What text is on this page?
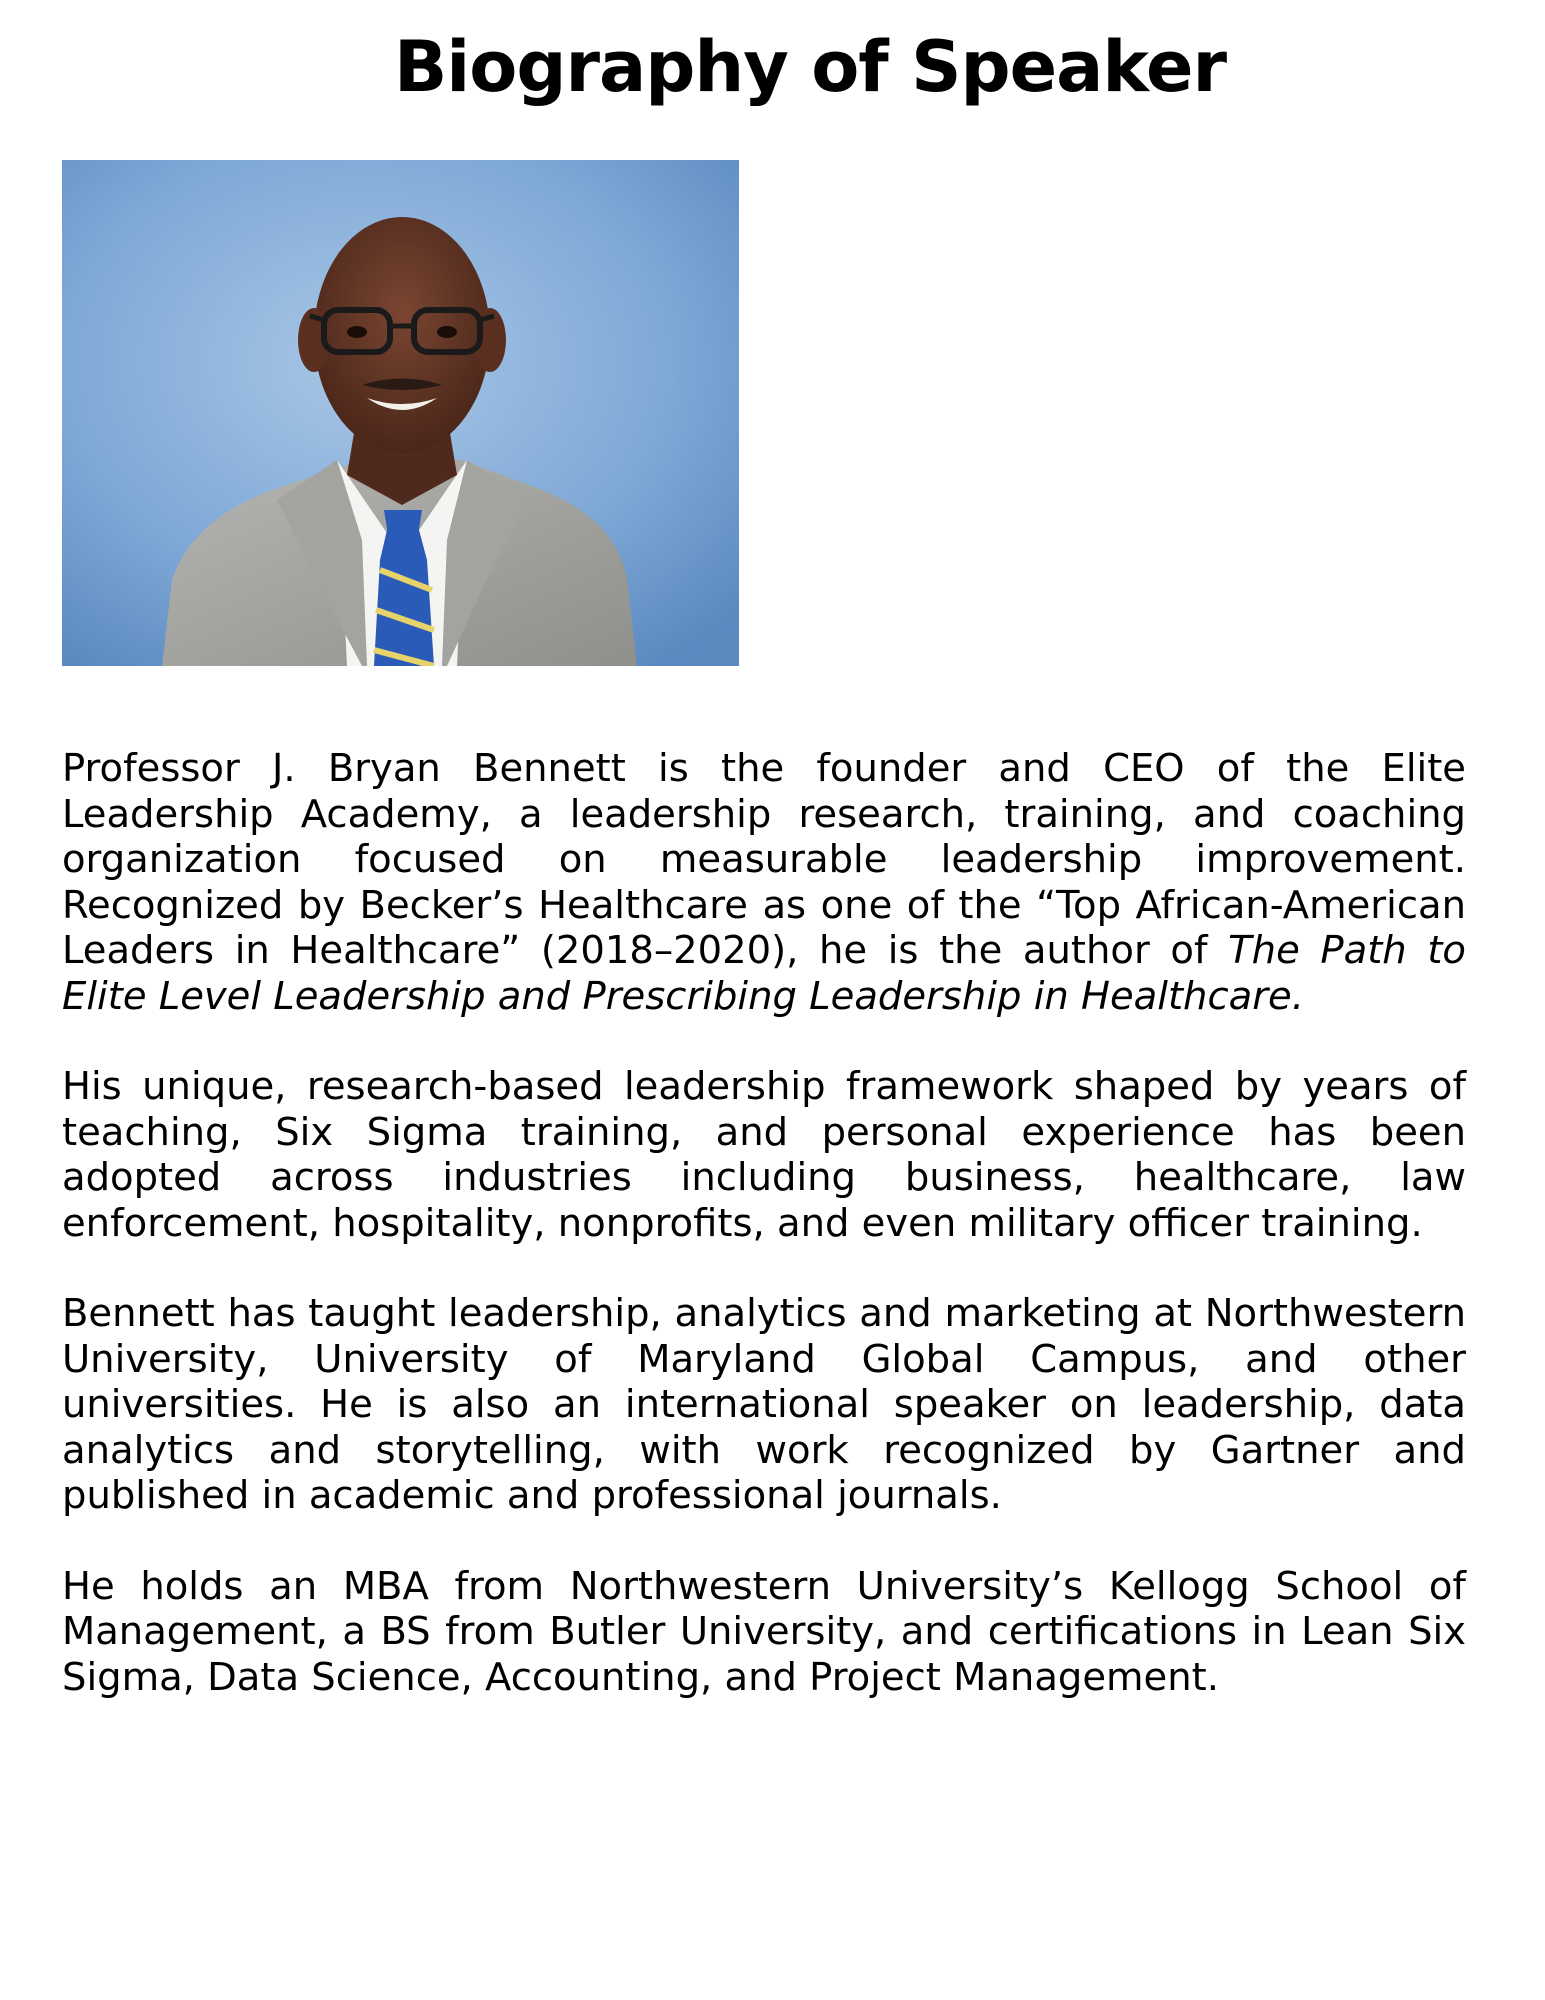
Biography of Speaker

Professor J. Bryan Bennett is the founder and CEO of the Elite Leadership Academy, a leadership research, training, and coaching organization focused on measurable leadership improvement. Recognized by Becker’s Healthcare as one of the “Top African-American Leaders in Healthcare” (2018–2020), he is the author of The Path to Elite Level Leadership and Prescribing Leadership in Healthcare.

His unique, research-based leadership framework shaped by years of teaching, Six Sigma training, and personal experience has been adopted across industries including business, healthcare, law enforcement, hospitality, nonprofits, and even military officer training.

Bennett has taught leadership, analytics and marketing at Northwestern University, University of Maryland Global Campus, and other universities. He is also an international speaker on leadership, data analytics and storytelling, with work recognized by Gartner and published in academic and professional journals.

He holds an MBA from Northwestern University’s Kellogg School of Management, a BS from Butler University, and certifications in Lean Six Sigma, Data Science, Accounting, and Project Management.
